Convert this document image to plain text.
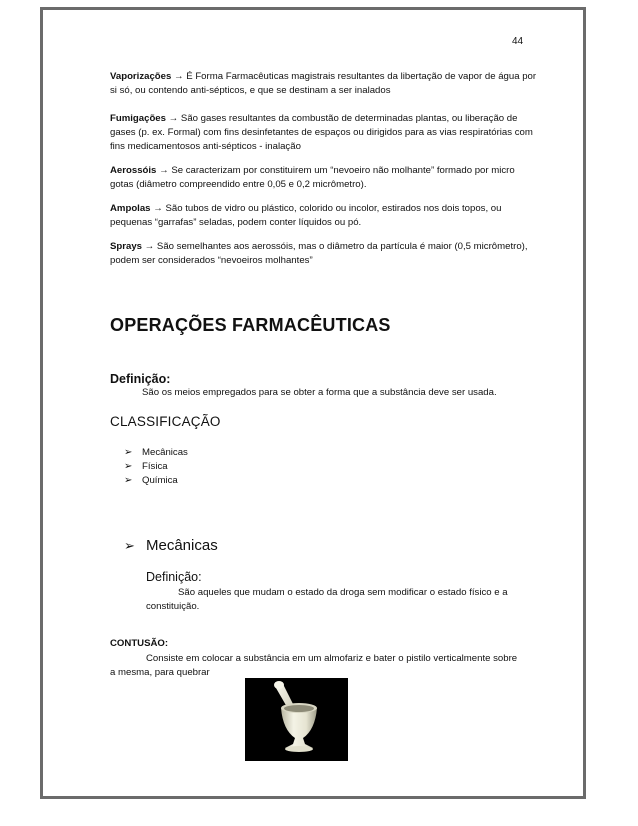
44

Vaporizações → É Forma Farmacêuticas magistrais resultantes da libertação de vapor de água por si só, ou contendo anti-sépticos, e que se destinam a ser inalados

Fumigações → São gases resultantes da combustão de determinadas plantas, ou liberação de gases (p. ex. Formal) com fins desinfetantes de espaços ou dirigidos para as vias respiratórias com fins medicamentosos anti-sépticos - inalação

Aerossóis → Se caracterizam por constituirem um “nevoeiro não molhante” formado por micro gotas (diâmetro compreendido entre 0,05 e 0,2 micrômetro).

Ampolas → São tubos de vidro ou plástico, colorido ou incolor, estirados nos dois topos, ou pequenas “garrafas” seladas, podem conter líquidos ou pó.

Sprays → São semelhantes aos aerossóis, mas o diâmetro da partícula é maior (0,5 micrômetro), podem ser considerados “nevoeiros molhantes”

OPERAÇÕES FARMACÊUTICAS
Definição:
São os meios empregados para se obter a forma que a substância deve ser usada.
CLASSIFICAÇÃO
➢	Mecânicas
➢	Física
➢	Química
➢ Mecânicas
Definição:
São aqueles que mudam o estado da droga sem modificar o estado físico e a
constituição.
CONTUSÃO:
Consiste em colocar a substância em um almofariz e bater o pistilo verticalmente sobre
a mesma, para quebrar
